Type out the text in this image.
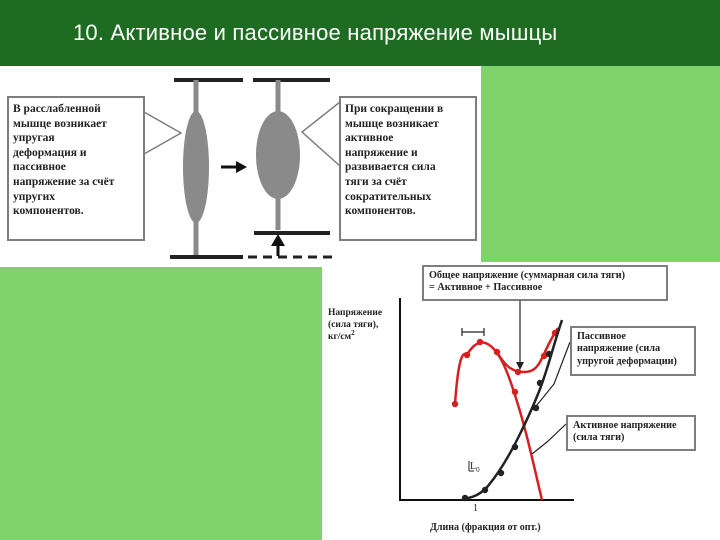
10. Активное и пассивное напряжение мышцы
В расслабленной
мышце возникает
упругая
деформация и
пассивное
напряжение за счёт
упругих
компонентов.
При сокращении в
мышце возникает
активное
напряжение и
развивается сила
тяги за счёт
сократительных
компонентов.
Напряжение
(сила тяги),
$кг/см^2$
Длина (фракция от опт.)
1
$L_0$
Общее напряжение (суммарная сила тяги)
= Активное + Пассивное
Пассивное
напряжение (сила
упругой деформации)
Активное напряжение
(сила тяги)
